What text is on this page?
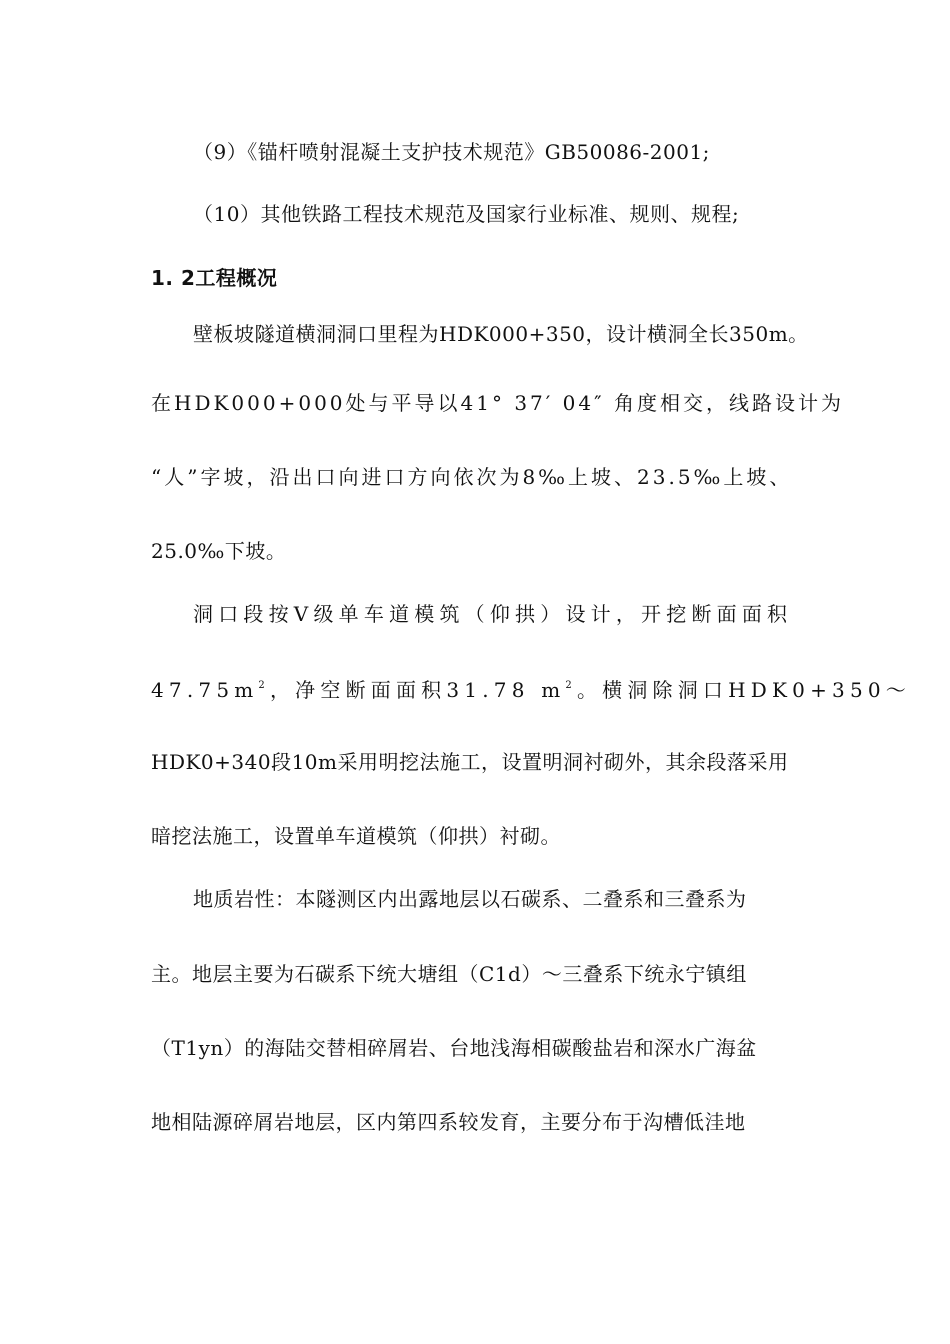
（9）《锚杆喷射混凝土支护技术规范》GB50086-2001;
（10）其他铁路工程技术规范及国家行业标准、规则、规程;
1. 2工程概况
壁板坡隧道横洞洞口里程为HDK000+350，设计横洞全长350m。
在HDK000+000处与平导以41° 37′ 04″ 角度相交，线路设计为
“人”字坡，沿出口向进口方向依次为8‰上坡、23.5‰上坡、
25.0‰下坡。
洞口段按V级单车道模筑（仰拱）设计，开挖断面面积
$47.75m^2$，净空断面面积31.78 $m^2$。横洞除洞口HDK0+350～
HDK0+340段10m采用明挖法施工，设置明洞衬砌外，其余段落采用
暗挖法施工，设置单车道模筑（仰拱）衬砌。
地质岩性：本隧测区内出露地层以石碳系、二叠系和三叠系为
主。地层主要为石碳系下统大塘组（C1d）～三叠系下统永宁镇组
（T1yn）的海陆交替相碎屑岩、台地浅海相碳酸盐岩和深水广海盆
地相陆源碎屑岩地层，区内第四系较发育，主要分布于沟槽低洼地
